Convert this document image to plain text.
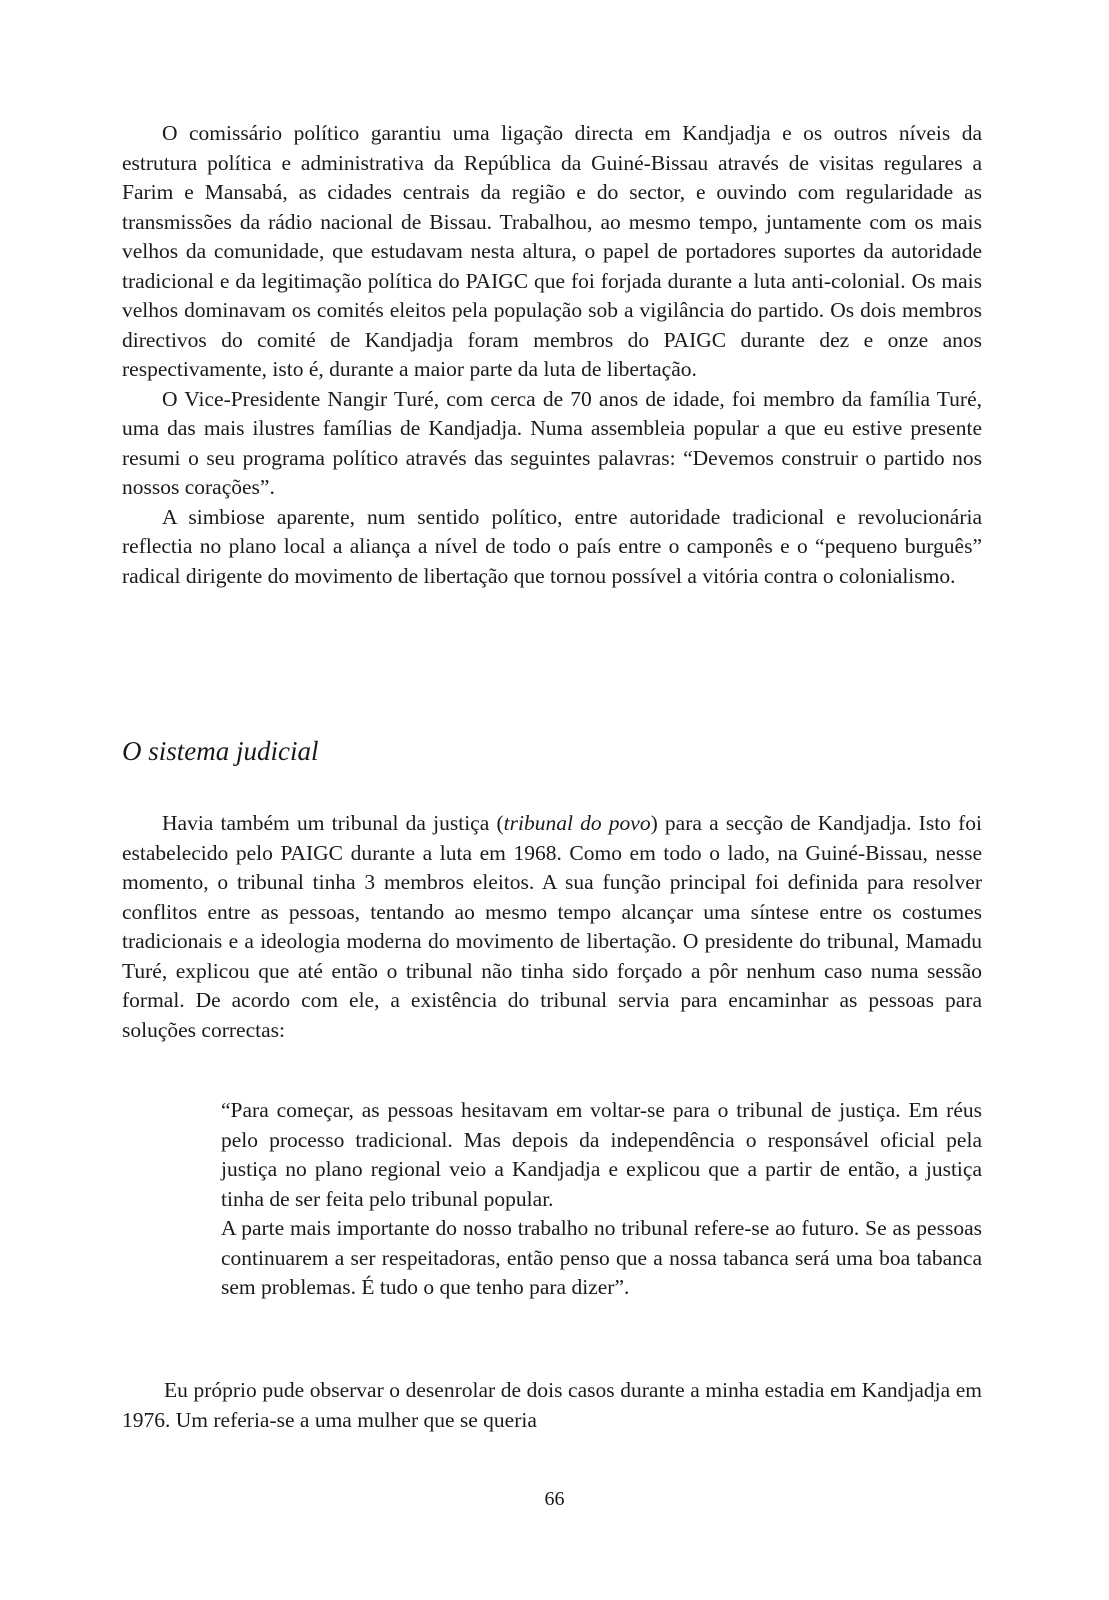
O comissário político garantiu uma ligação directa em Kandjadja e os outros níveis da estrutura política e administrativa da República da Guiné-Bissau através de visitas regulares a Farim e Mansabá, as cidades centrais da região e do sector, e ouvindo com regularidade as transmissões da rádio nacional de Bissau. Trabalhou, ao mesmo tempo, juntamente com os mais velhos da comunidade, que estudavam nesta altura, o papel de portadores suportes da autoridade tradicional e da legitimação política do PAIGC que foi forjada durante a luta anti-colonial. Os mais velhos dominavam os comités eleitos pela população sob a vigilância do partido. Os dois membros directivos do comité de Kandjadja foram membros do PAIGC durante dez e onze anos respectivamente, isto é, durante a maior parte da luta de libertação.

O Vice-Presidente Nangir Turé, com cerca de 70 anos de idade, foi membro da família Turé, uma das mais ilustres famílias de Kandjadja. Numa assembleia popular a que eu estive presente resumi o seu programa político através das seguintes palavras: “Devemos construir o partido nos nossos corações”.

A simbiose aparente, num sentido político, entre autoridade tradicional e revolucionária reflectia no plano local a aliança a nível de todo o país entre o camponês e o “pequeno burguês” radical dirigente do movimento de libertação que tornou possível a vitória contra o colonialismo.

O sistema judicial

Havia também um tribunal da justiça (tribunal do povo) para a secção de Kandjadja. Isto foi estabelecido pelo PAIGC durante a luta em 1968. Como em todo o lado, na Guiné-Bissau, nesse momento, o tribunal tinha 3 membros eleitos. A sua função principal foi definida para resolver conflitos entre as pessoas, tentando ao mesmo tempo alcançar uma síntese entre os costumes tradicionais e a ideologia moderna do movimento de libertação. O presidente do tribunal, Mamadu Turé, explicou que até então o tribunal não tinha sido forçado a pôr nenhum caso numa sessão formal. De acordo com ele, a existência do tribunal servia para encaminhar as pessoas para soluções correctas:

“Para começar, as pessoas hesitavam em voltar-se para o tribunal de justiça. Em réus pelo processo tradicional. Mas depois da independência o responsável oficial pela justiça no plano regional veio a Kandjadja e explicou que a partir de então, a justiça tinha de ser feita pelo tribunal popular.

A parte mais importante do nosso trabalho no tribunal refere-se ao futuro. Se as pessoas continuarem a ser respeitadoras, então penso que a nossa tabanca será uma boa tabanca sem problemas. É tudo o que tenho para dizer”.

Eu próprio pude observar o desenrolar de dois casos durante a minha estadia em Kandjadja em 1976. Um referia-se a uma mulher que se queria

66
